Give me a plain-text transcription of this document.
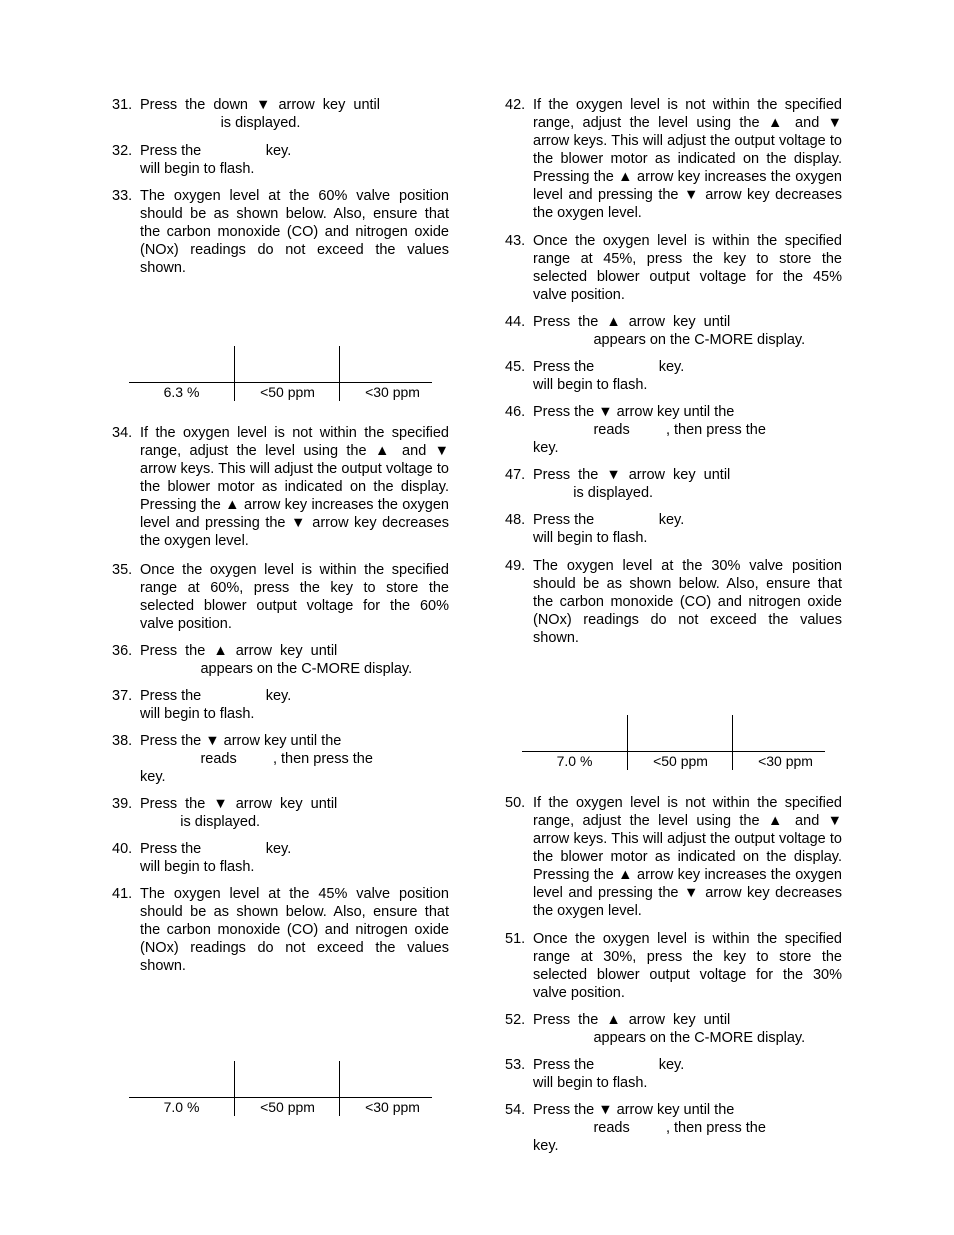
31. Press  the  down  ▼  arrow  key  until
is displayed.
32. Press the                key.
will begin to flash.
33. The oxygen level at the 60% valve position should be as shown below. Also, ensure that the carbon monoxide (CO) and nitrogen oxide (NOx) readings do not exceed the values shown.
34. If the oxygen level is not within the specified range, adjust the level using the ▲ and ▼ arrow keys. This will adjust the output voltage to the blower motor as indicated on the display. Pressing the ▲ arrow key increases the oxygen level and pressing the ▼ arrow key decreases the oxygen level.
35. Once the oxygen level is within the specified range at 60%, press the key to store the selected blower output voltage for the 60% valve position.
36. Press  the  ▲  arrow  key  until
appears on the C-MORE display.
37. Press the                key.
will begin to flash.
38. Press the ▼ arrow key until the
reads         , then press the
key.
39. Press  the  ▼  arrow  key  until
is displayed.
40. Press the                key.
will begin to flash.
41. The oxygen level at the 45% valve position should be as shown below. Also, ensure that the carbon monoxide (CO) and nitrogen oxide (NOx) readings do not exceed the values shown.
6.3 %	<50 ppm	<30 ppm
7.0 %	<50 ppm	<30 ppm
42. If the oxygen level is not within the specified range, adjust the level using the ▲ and ▼ arrow keys. This will adjust the output voltage to the blower motor as indicated on the display. Pressing the ▲ arrow key increases the oxygen level and pressing the ▼ arrow key decreases the oxygen level.
43. Once the oxygen level is within the specified range at 45%, press the key to store the selected blower output voltage for the 45% valve position.
44. Press  the  ▲  arrow  key  until
appears on the C-MORE display.
45. Press the                key.
will begin to flash.
46. Press the ▼ arrow key until the
reads         , then press the
key.
47. Press  the  ▼  arrow  key  until
is displayed.
48. Press the                key.
will begin to flash.
49. The oxygen level at the 30% valve position should be as shown below. Also, ensure that the carbon monoxide (CO) and nitrogen oxide (NOx) readings do not exceed the values shown.
50. If the oxygen level is not within the specified range, adjust the level using the ▲ and ▼ arrow keys. This will adjust the output voltage to the blower motor as indicated on the display. Pressing the ▲ arrow key increases the oxygen level and pressing the ▼ arrow key decreases the oxygen level.
51. Once the oxygen level is within the specified range at 30%, press the key to store the selected blower output voltage for the 30% valve position.
52. Press  the  ▲  arrow  key  until
appears on the C-MORE display.
53. Press the                key.
will begin to flash.
54. Press the ▼ arrow key until the
reads         , then press the
key.
7.0 %	<50 ppm	<30 ppm
